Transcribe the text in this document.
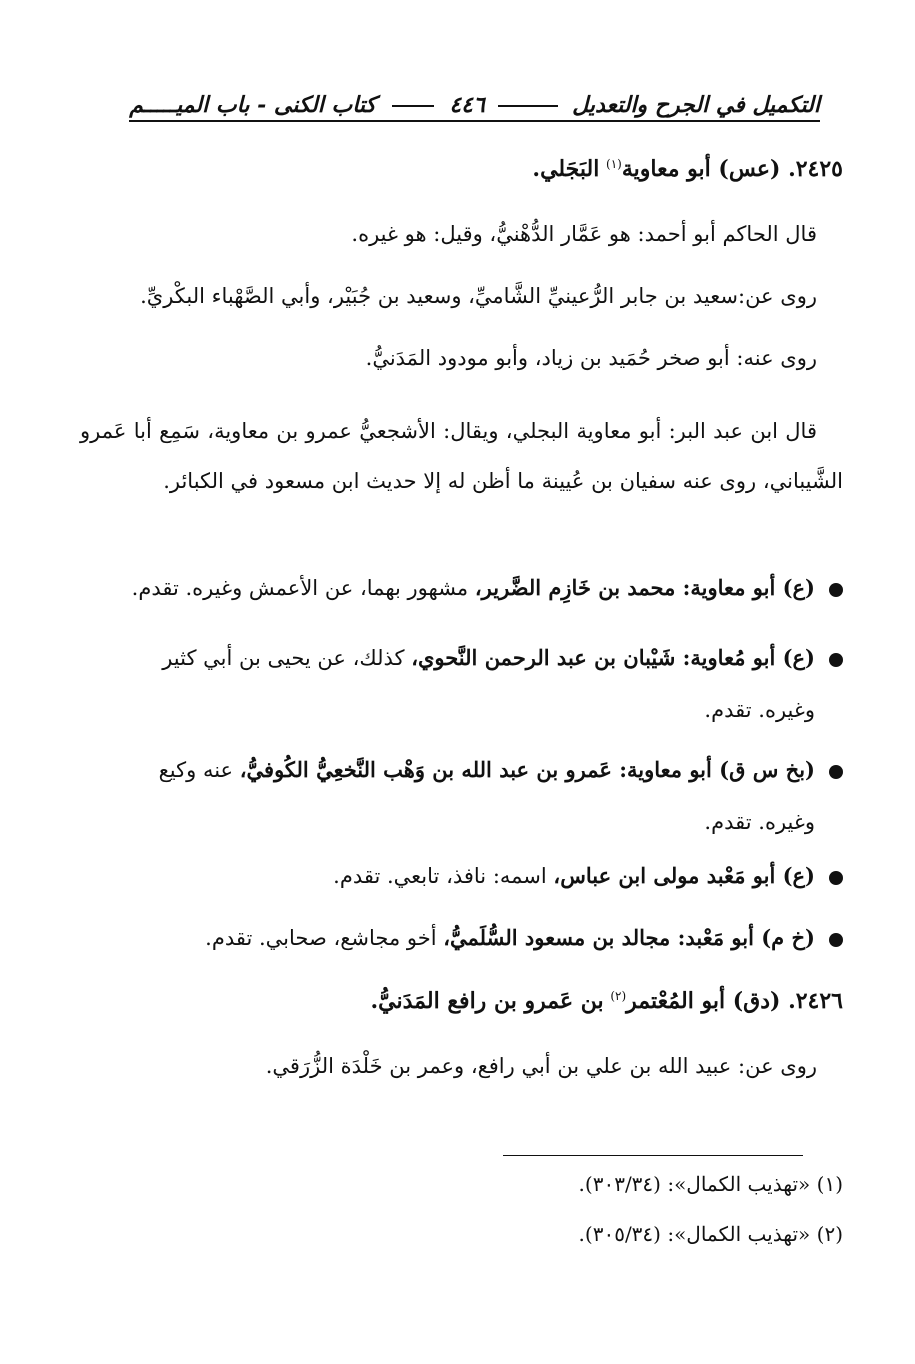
التكميل في الجرح والتعديل  ٤٤٦  كتاب الكنى - باب الميـــــم
٢٤٢٥. (عس) أبو معاوية$^{(١)}$ البَجَلي.
قال الحاكم أبو أحمد: هو عَمَّار الدُّهْنيُّ، وقيل: هو غيره.
روى عن:سعيد بن جابر الرُّعينيِّ الشَّاميِّ، وسعيد بن جُبَيْر، وأبي الصَّهْباء البكْريِّ.
روى عنه: أبو صخر حُمَيد بن زياد، وأبو مودود المَدَنيُّ.
قال ابن عبد البر: أبو معاوية البجلي، ويقال: الأشجعيُّ عمرو بن معاوية، سَمِع أبا عَمرو الشَّيباني، روى عنه سفيان بن عُيينة ما أظن له إلا حديث ابن مسعود في الكبائر.
(ع) أبو معاوية: محمد بن خَازِم الضَّرير، مشهور بهما، عن الأعمش وغيره. تقدم.
(ع) أبو مُعاوية: شَيْبان بن عبد الرحمن النَّحوي، كذلك، عن يحيى بن أبي كثير
وغيره. تقدم.
(بخ س ق) أبو معاوية: عَمرو بن عبد الله بن وَهْب النَّخعِيُّ الكُوفيُّ، عنه وكيع
وغيره. تقدم.
(ع) أبو مَعْبد مولى ابن عباس، اسمه: نافذ، تابعي. تقدم.
(خ م) أبو مَعْبد: مجالد بن مسعود السُّلَميُّ، أخو مجاشع، صحابي. تقدم.
٢٤٢٦. (دق) أبو المُعْتمر$^{(٢)}$ بن عَمرو بن رافع المَدَنيُّ.
روى عن: عبيد الله بن علي بن أبي رافع، وعمر بن خَلْدَة الزُّرَقي.
(١) «تهذيب الكمال»: (٣٠٣/٣٤).
(٢) «تهذيب الكمال»: (٣٠٥/٣٤).
